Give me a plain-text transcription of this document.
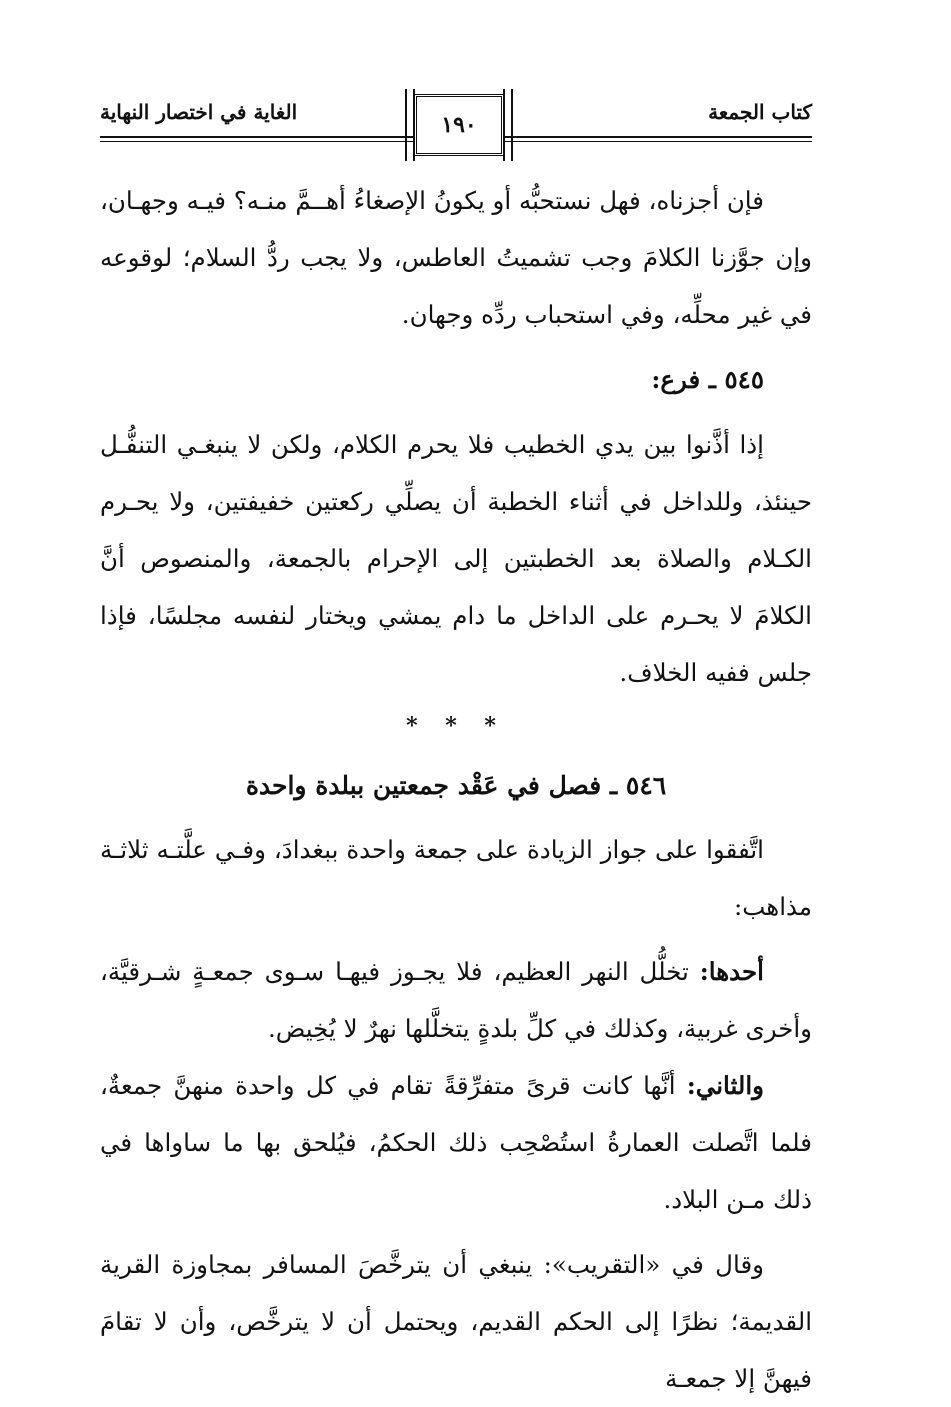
كتاب الجمعة
الغاية في اختصار النهاية	١٩٠

فإن أجزناه، فهل نستحبُّه أو يكونُ الإصغاءُ أهــمَّ منـه؟ فيـه وجهـان، وإن جوَّزنا الكلامَ وجب تشميتُ العاطس، ولا يجب ردُّ السلام؛ لوقوعه في غير محلِّه، وفي استحباب ردِّه وجهان.

٥٤٥ ـ فرع:

إذا أذَّنوا بين يدي الخطيب فلا يحرم الكلام، ولكن لا ينبغـي التنفُّـل حينئذ، وللداخل في أثناء الخطبة أن يصلِّي ركعتين خفيفتين، ولا يحـرم الكـلام والصلاة بعد الخطبتين إلى الإحرام بالجمعة، والمنصوص أنَّ الكلامَ لا يحـرم على الداخل ما دام يمشي ويختار لنفسه مجلسًا، فإذا جلس ففيه الخلاف.

* * *

٥٤٦ ـ فصل في عَقْد جمعتين ببلدة واحدة

اتَّفقوا على جواز الزيادة على جمعة واحدة ببغدادَ، وفـي علَّتـه ثلاثـة مذاهب:

أحدها: تخلُّل النهر العظيم، فلا يجـوز فيهـا سـوى جمعـةٍ شـرقيَّة، وأخرى غربية، وكذلك في كلِّ بلدةٍ يتخلَّلها نهرٌ لا يُخِيض.

والثاني: أنَّها كانت قرىً متفرِّقةً تقام في كل واحدة منهنَّ جمعةٌ، فلما اتَّصلت العمارةُ استُصْحِب ذلك الحكمُ، فيُلحق بها ما ساواها في ذلك مـن البلاد.

وقال في «التقريب»: ينبغي أن يترخَّصَ المسافر بمجاوزة القرية القديمة؛ نظرًا إلى الحكم القديم، ويحتمل أن لا يترخَّص، وأن لا تقامَ فيهنَّ إلا جمعـة
